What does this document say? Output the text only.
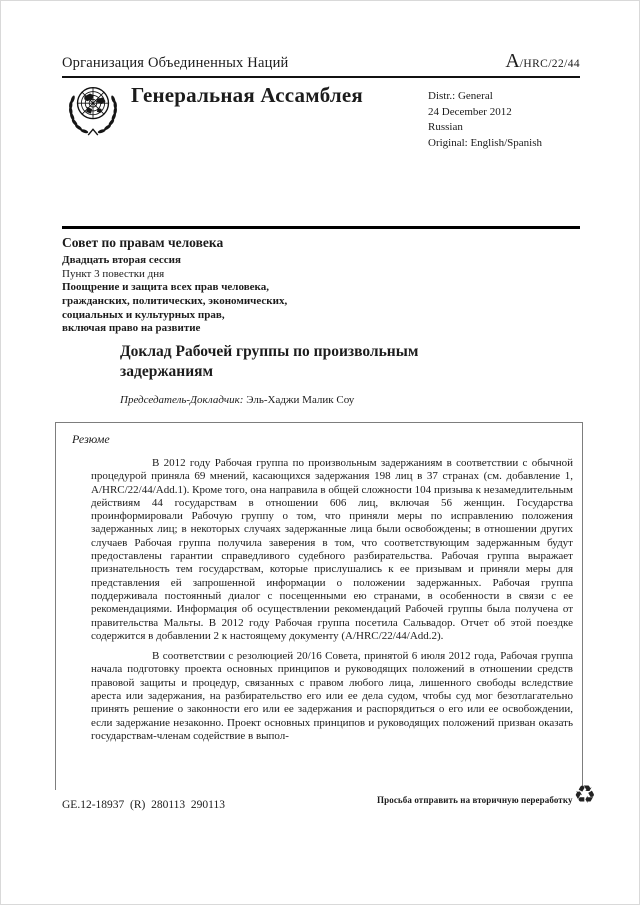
Организация Объединенных Наций	A/HRC/22/44
Генеральная Ассамблея	Distr.: General
24 December 2012
Russian
Original: English/Spanish
Совет по правам человека
Двадцать вторая сессия
Пункт 3 повестки дня
Поощрение и защита всех прав человека,
гражданских, политических, экономических,
социальных и культурных прав,
включая право на развитие
Доклад Рабочей группы по произвольным задержаниям
Председатель-Докладчик: Эль-Хаджи Малик Соу
Резюме

В 2012 году Рабочая группа по произвольным задержаниям в соответствии с обычной процедурой приняла 69 мнений, касающихся задержания 198 лиц в 37 странах (см. добавление 1, A/HRC/22/44/Add.1). Кроме того, она направила в общей сложности 104 призыва к незамедлительным действиям 44 государствам в отношении 606 лиц, включая 56 женщин. Государства проинформировали Рабочую группу о том, что приняли меры по исправлению положения задержанных лиц; в некоторых случаях задержанные лица были освобождены; в отношении других случаев Рабочая группа получила заверения в том, что соответствующим задержанным будут предоставлены гарантии справедливого судебного разбирательства. Рабочая группа выражает признательность тем государствам, которые прислушались к ее призывам и приняли меры для представления ей запрошенной информации о положении задержанных. Рабочая группа поддерживала постоянный диалог с посещенными ею странами, в особенности в связи с ее рекомендациями. Информация об осуществлении рекомендаций Рабочей группы была получена от правительства Мальты. В 2012 году Рабочая группа посетила Сальвадор. Отчет об этой поездке содержится в добавлении 2 к настоящему документу (A/HRC/22/44/Add.2).

В соответствии с резолюцией 20/16 Совета, принятой 6 июля 2012 года, Рабочая группа начала подготовку проекта основных принципов и руководящих положений в отношении средств правовой защиты и процедур, связанных с правом любого лица, лишенного свободы вследствие ареста или задержания, на разбирательство его или ее дела судом, чтобы суд мог безотлагательно принять решение о законности его или ее задержания и распорядиться о его или ее освобождении, если задержание незаконно. Проект основных принципов и руководящих положений призван оказать государствам-членам содействие в выпол-

GE.12-18937  (R)  280113  290113	Просьба отправить на вторичную переработку ♻
